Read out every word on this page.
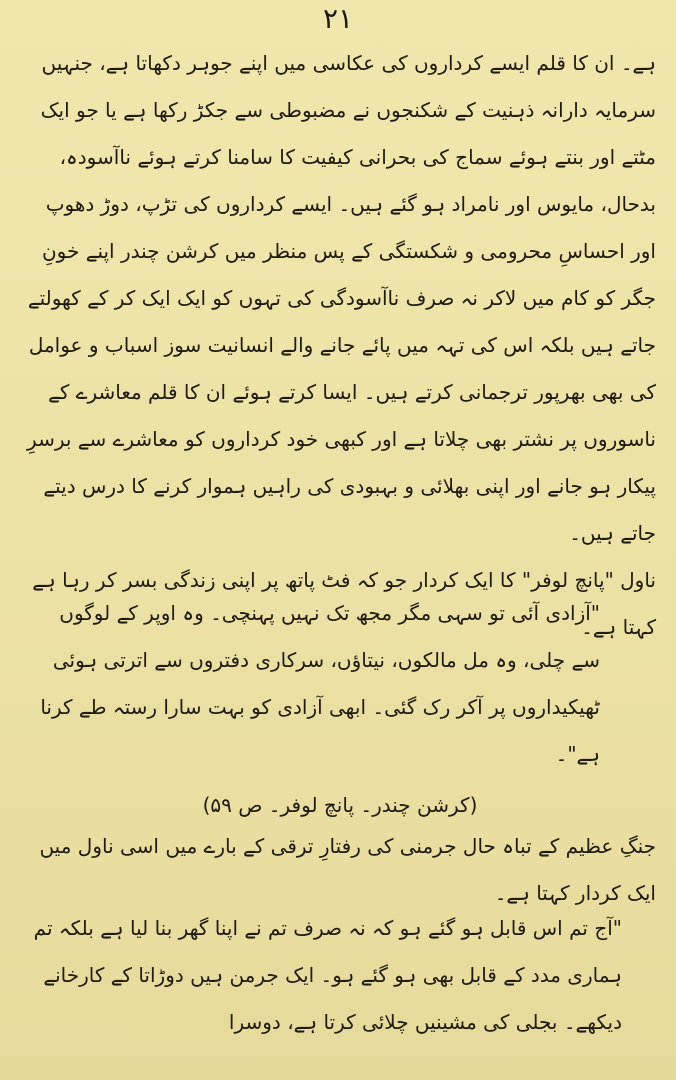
۲۱

ہے۔ ان کا قلم ایسے کرداروں کی عکاسی میں اپنے جوہر دکھاتا ہے، جنہیں سرمایہ دارانہ ذہنیت کے شکنجوں نے مضبوطی سے جکڑ رکھا ہے یا جو ایک مٹتے اور بنتے ہوئے سماج کی بحرانی کیفیت کا سامنا کرتے ہوئے ناآسودہ، بدحال، مایوس اور نامراد ہو گئے ہیں۔ ایسے کرداروں کی تڑپ، دوڑ دھوپ اور احساسِ محرومی و شکستگی کے پس منظر میں کرشن چندر اپنے خونِ جگر کو کام میں لاکر نہ صرف ناآسودگی کی تہوں کو ایک ایک کر کے کھولتے جاتے ہیں بلکہ اس کی تہہ میں پائے جانے والے انسانیت سوز اسباب و عوامل کی بھی بھرپور ترجمانی کرتے ہیں۔ ایسا کرتے ہوئے ان کا قلم معاشرے کے ناسوروں پر نشتر بھی چلاتا ہے اور کبھی خود کرداروں کو معاشرے سے برسرِ پیکار ہو جانے اور اپنی بھلائی و بہبودی کی راہیں ہموار کرنے کا درس دیتے جاتے ہیں۔

ناول "پانچ لوفر" کا ایک کردار جو کہ فٹ پاتھ پر اپنی زندگی بسر کر رہا ہے کہتا ہے۔

"آزادی آئی تو سہی مگر مجھ تک نہیں پہنچی۔ وہ اوپر کے لوگوں سے چلی، وہ مل مالکوں، نیتاؤں، سرکاری دفتروں سے اترتی ہوئی ٹھیکیداروں پر آکر رک گئی۔ ابھی آزادی کو بہت سارا رستہ طے کرنا ہے"۔

(کرشن چندر۔ پانچ لوفر۔ ص ۵۹)

جنگِ عظیم کے تباہ حال جرمنی کی رفتارِ ترقی کے بارے میں اسی ناول میں ایک کردار کہتا ہے۔

"آج تم اس قابل ہو گئے ہو کہ نہ صرف تم نے اپنا گھر بنا لیا ہے بلکہ تم ہماری مدد کے قابل بھی ہو گئے ہو۔ ایک جرمن ہیں دوڑاتا کے کارخانے دیکھے۔ بجلی کی مشینیں چلائی کرتا ہے، دوسرا
